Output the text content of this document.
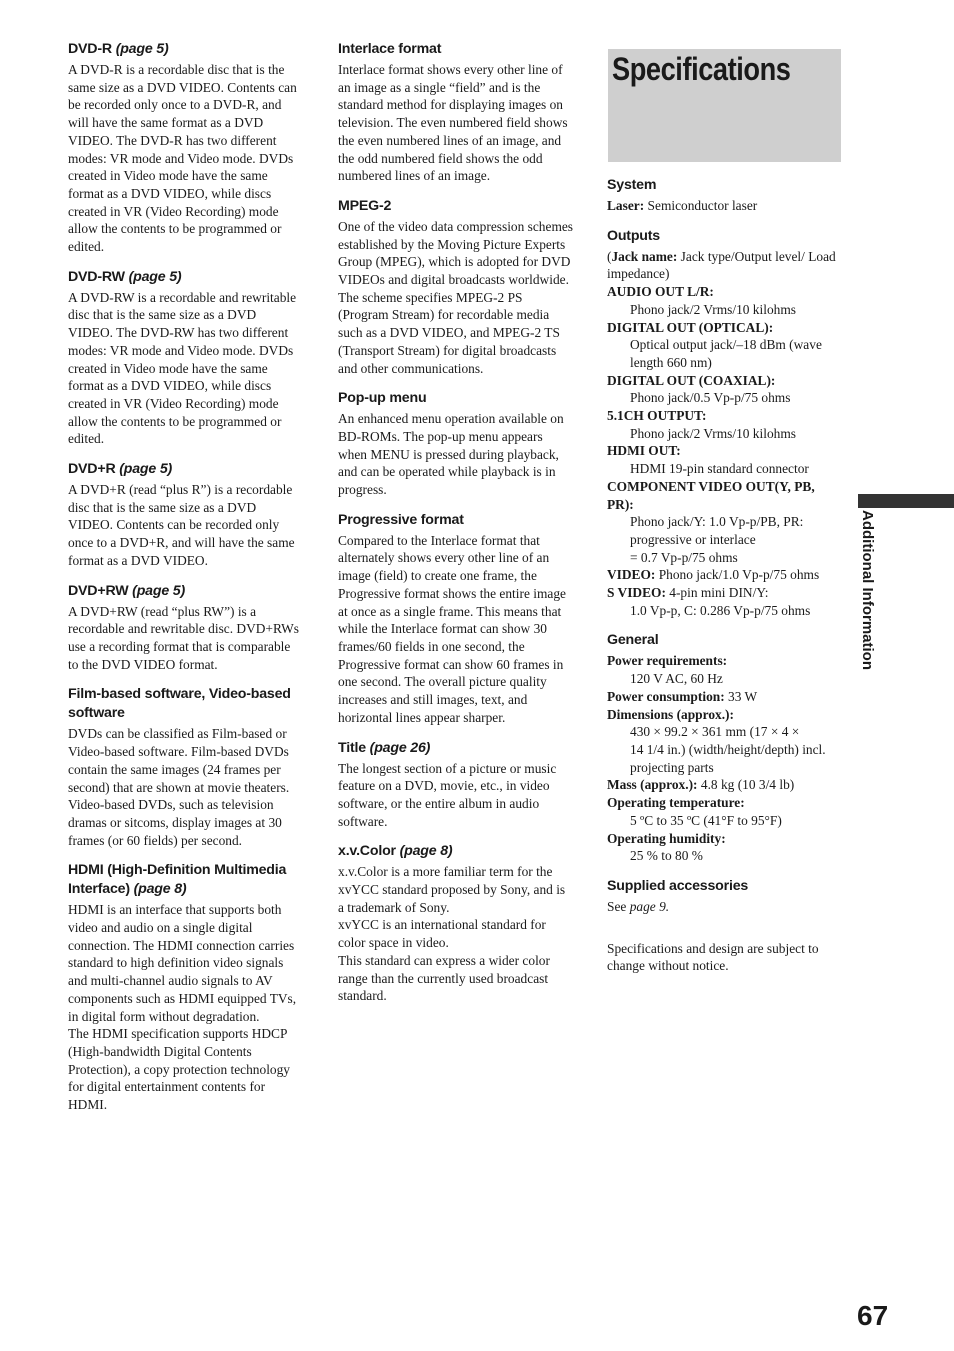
DVD-R (page 5)

A DVD-R is a recordable disc that is the same size as a DVD VIDEO. Contents can be recorded only once to a DVD-R, and will have the same format as a DVD VIDEO. The DVD-R has two different modes: VR mode and Video mode. DVDs created in Video mode have the same format as a DVD VIDEO, while discs created in VR (Video Recording) mode allow the contents to be programmed or edited.

DVD-RW (page 5)

A DVD-RW is a recordable and rewritable disc that is the same size as a DVD VIDEO. The DVD-RW has two different modes: VR mode and Video mode. DVDs created in Video mode have the same format as a DVD VIDEO, while discs created in VR (Video Recording) mode allow the contents to be programmed or edited.

DVD+R (page 5)

A DVD+R (read “plus R”) is a recordable disc that is the same size as a DVD VIDEO. Contents can be recorded only once to a DVD+R, and will have the same format as a DVD VIDEO.

DVD+RW (page 5)

A DVD+RW (read “plus RW”) is a recordable and rewritable disc. DVD+RWs use a recording format that is comparable to the DVD VIDEO format.

Film-based software, Video-based software

DVDs can be classified as Film-based or Video-based software. Film-based DVDs contain the same images (24 frames per second) that are shown at movie theaters. Video-based DVDs, such as television dramas or sitcoms, display images at 30 frames (or 60 fields) per second.

HDMI (High-Definition Multimedia Interface) (page 8)

HDMI is an interface that supports both video and audio on a single digital connection. The HDMI connection carries standard to high definition video signals and multi-channel audio signals to AV components such as HDMI equipped TVs, in digital form without degradation.

The HDMI specification supports HDCP (High-bandwidth Digital Contents Protection), a copy protection technology for digital entertainment contents for HDMI.

Interlace format

Interlace format shows every other line of an image as a single “field” and is the standard method for displaying images on television. The even numbered field shows the even numbered lines of an image, and the odd numbered field shows the odd numbered lines of an image.

MPEG-2

One of the video data compression schemes established by the Moving Picture Experts Group (MPEG), which is adopted for DVD VIDEOs and digital broadcasts worldwide. The scheme specifies MPEG-2 PS (Program Stream) for recordable media such as a DVD VIDEO, and MPEG-2 TS (Transport Stream) for digital broadcasts and other communications.

Pop-up menu

An enhanced menu operation available on BD-ROMs. The pop-up menu appears when MENU is pressed during playback, and can be operated while playback is in progress.

Progressive format

Compared to the Interlace format that alternately shows every other line of an image (field) to create one frame, the Progressive format shows the entire image at once as a single frame. This means that while the Interlace format can show 30 frames/60 fields in one second, the Progressive format can show 60 frames in one second. The overall picture quality increases and still images, text, and horizontal lines appear sharper.

Title (page 26)

The longest section of a picture or music feature on a DVD, movie, etc., in video software, or the entire album in audio software.

x.v.Color (page 8)

x.v.Color is a more familiar term for the xvYCC standard proposed by Sony, and is a trademark of Sony.

xvYCC is an international standard for color space in video.

This standard can express a wider color range than the currently used broadcast standard.

Specifications
System

Laser: Semiconductor laser

Outputs

(Jack name: Jack type/Output level/ Load impedance)

AUDIO OUT L/R:

Phono jack/2 Vrms/10 kilohms

DIGITAL OUT (OPTICAL):

Optical output jack/–18 dBm (wave length 660 nm)

DIGITAL OUT (COAXIAL):

Phono jack/0.5 Vp-p/75 ohms

5.1CH OUTPUT:

Phono jack/2 Vrms/10 kilohms

HDMI OUT:

HDMI 19-pin standard connector

COMPONENT VIDEO OUT(Y, PB, PR):

Phono jack/Y: 1.0 Vp-p/PB, PR:

progressive or interlace

= 0.7 Vp-p/75 ohms

VIDEO: Phono jack/1.0 Vp-p/75 ohms

S VIDEO: 4-pin mini DIN/Y:

1.0 Vp-p, C: 0.286 Vp-p/75 ohms

General

Power requirements:

120 V AC, 60 Hz

Power consumption: 33 W

Dimensions (approx.):

430 × 99.2 × 361 mm (17 × 4 ×

14 1/4 in.) (width/height/depth) incl.

projecting parts

Mass (approx.): 4.8 kg (10 3/4 lb)

Operating temperature:

5 ºC to 35 ºC (41°F to 95°F)

Operating humidity:

25 % to 80 %

Supplied accessories

See page 9.

Specifications and design are subject to change without notice.

Additional Information
67
